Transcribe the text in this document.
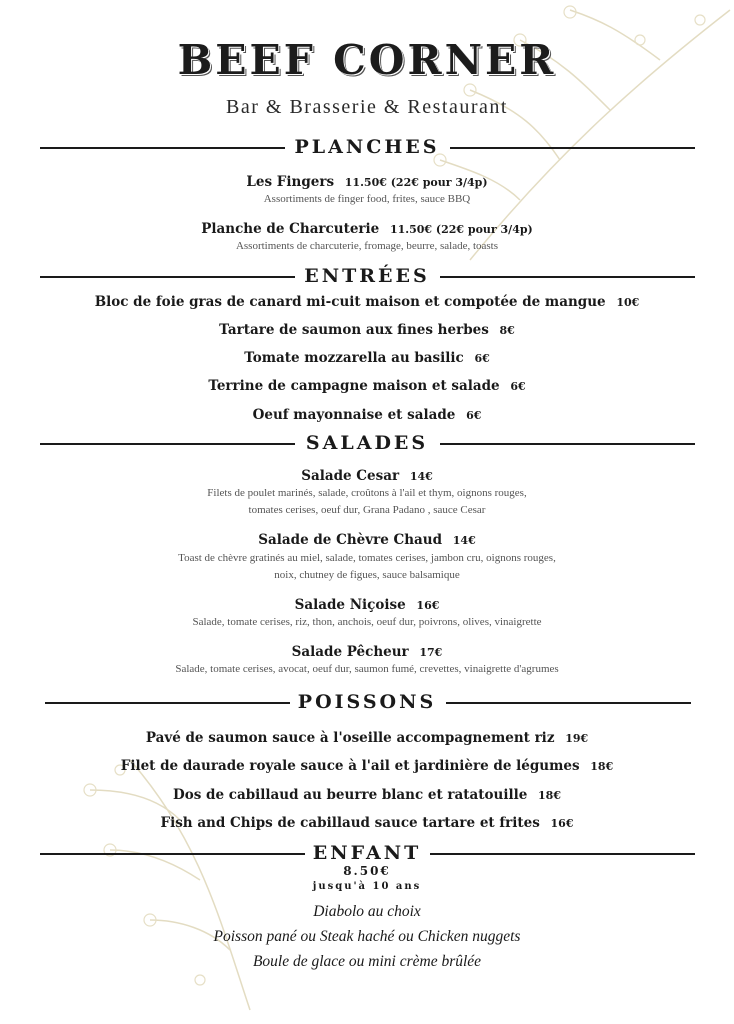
BEEF CORNER
Bar & Brasserie & Restaurant
PLANCHES
Les Fingers 11.50€ (22€ pour 3/4p)
Assortiments de finger food, frites, sauce BBQ
Planche de Charcuterie 11.50€ (22€ pour 3/4p)
Assortiments de charcuterie, fromage, beurre, salade, toasts
ENTRÉES
Bloc de foie gras de canard mi-cuit maison et compotée de mangue 10€
Tartare de saumon aux fines herbes 8€
Tomate mozzarella au basilic 6€
Terrine de campagne maison et salade 6€
Oeuf mayonnaise et salade 6€
SALADES
Salade Cesar 14€
Filets de poulet marinés, salade, croûtons à l'ail et thym, oignons rouges,
tomates cerises, oeuf dur, Grana Padano , sauce Cesar
Salade de Chèvre Chaud 14€
Toast de chèvre gratinés au miel, salade, tomates cerises, jambon cru, oignons rouges,
noix, chutney de figues, sauce balsamique
Salade Niçoise 16€
Salade, tomate cerises, riz, thon, anchois, oeuf dur, poivrons, olives, vinaigrette
Salade Pêcheur 17€
Salade, tomate cerises, avocat, oeuf dur, saumon fumé, crevettes, vinaigrette d'agrumes
POISSONS
Pavé de saumon sauce à l'oseille accompagnement riz 19€
Filet de daurade royale sauce à l'ail et jardinière de légumes 18€
Dos de cabillaud au beurre blanc et ratatouille 18€
Fish and Chips de cabillaud sauce tartare et frites 16€
ENFANT
8.50€
jusqu'à 10 ans
Diabolo au choix
Poisson pané ou Steak haché ou Chicken nuggets
Boule de glace ou mini crème brûlée
